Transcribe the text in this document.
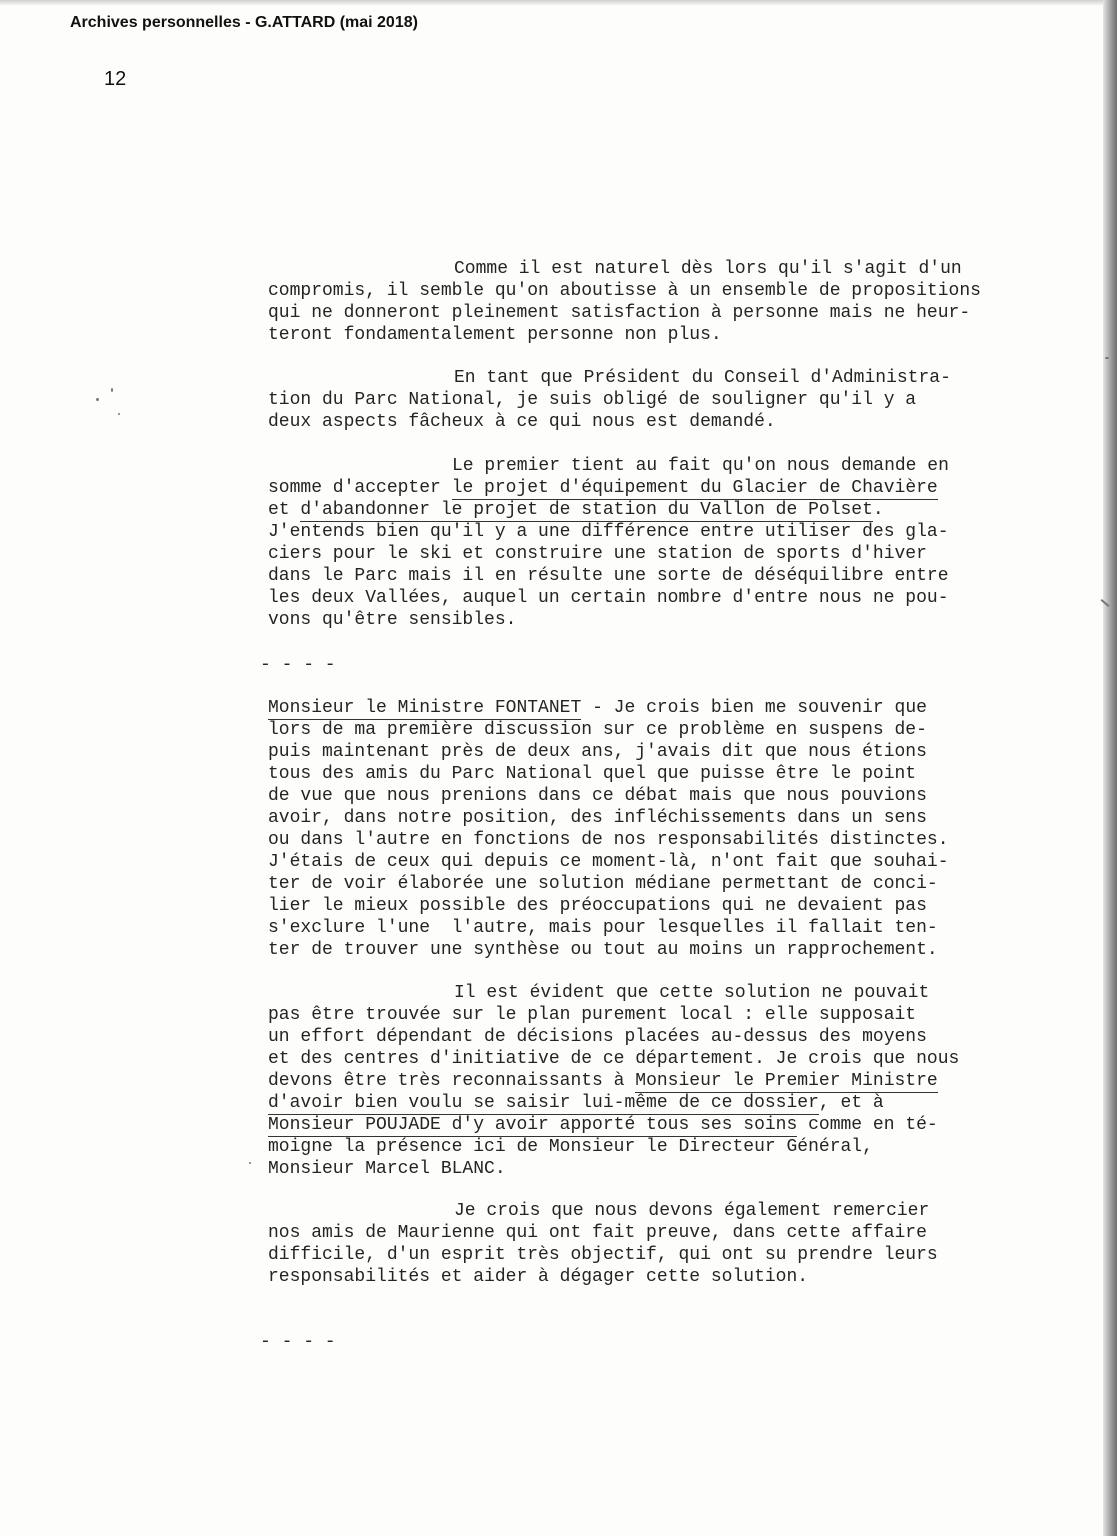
Archives personnelles - G.ATTARD (mai 2018)

12

Comme il est naturel dès lors qu'il s'agit d'un

compromis, il semble qu'on aboutisse à un ensemble de propositions

qui ne donneront pleinement satisfaction à personne mais ne heur-

teront fondamentalement personne non plus.

En tant que Président du Conseil d'Administra-

tion du Parc National, je suis obligé de souligner qu'il y a

deux aspects fâcheux à ce qui nous est demandé.

Le premier tient au fait qu'on nous demande en

somme d'accepter le projet d'équipement du Glacier de Chavière

et d'abandonner le projet de station du Vallon de Polset.

J'entends bien qu'il y a une différence entre utiliser des gla-

ciers pour le ski et construire une station de sports d'hiver

dans le Parc mais il en résulte une sorte de déséquilibre entre

les deux Vallées, auquel un certain nombre d'entre nous ne pou-

vons qu'être sensibles.

- - - -

Monsieur le Ministre FONTANET - Je crois bien me souvenir que

lors de ma première discussion sur ce problème en suspens de-

puis maintenant près de deux ans, j'avais dit que nous étions

tous des amis du Parc National quel que puisse être le point

de vue que nous prenions dans ce débat mais que nous pouvions

avoir, dans notre position, des infléchissements dans un sens

ou dans l'autre en fonctions de nos responsabilités distinctes.

J'étais de ceux qui depuis ce moment-là, n'ont fait que souhai-

ter de voir élaborée une solution médiane permettant de conci-

lier le mieux possible des préoccupations qui ne devaient pas

s'exclure l'une  l'autre, mais pour lesquelles il fallait ten-

ter de trouver une synthèse ou tout au moins un rapprochement.

Il est évident que cette solution ne pouvait

pas être trouvée sur le plan purement local : elle supposait

un effort dépendant de décisions placées au-dessus des moyens

et des centres d'initiative de ce département. Je crois que nous

devons être très reconnaissants à Monsieur le Premier Ministre

d'avoir bien voulu se saisir lui-même de ce dossier, et à

Monsieur POUJADE d'y avoir apporté tous ses soins comme en té-

moigne la présence ici de Monsieur le Directeur Général,

Monsieur Marcel BLANC.

Je crois que nous devons également remercier

nos amis de Maurienne qui ont fait preuve, dans cette affaire

difficile, d'un esprit très objectif, qui ont su prendre leurs

responsabilités et aider à dégager cette solution.

- - - -
